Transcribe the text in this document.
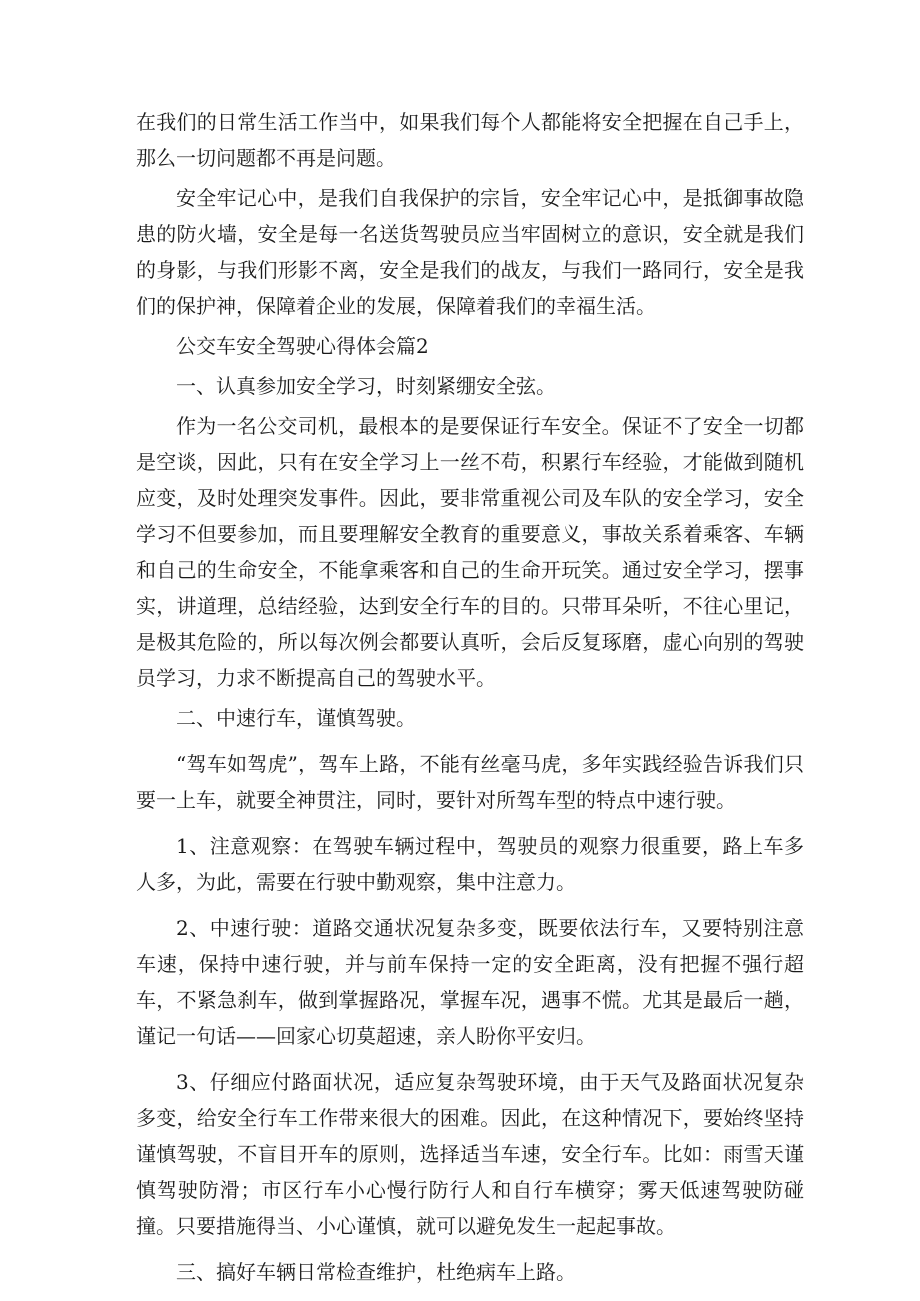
在我们的日常生活工作当中，如果我们每个人都能将安全把握在自己手上，那么一切问题都不再是问题。

安全牢记心中，是我们自我保护的宗旨，安全牢记心中，是抵御事故隐患的防火墙，安全是每一名送货驾驶员应当牢固树立的意识，安全就是我们的身影，与我们形影不离，安全是我们的战友，与我们一路同行，安全是我们的保护神，保障着企业的发展，保障着我们的幸福生活。

公交车安全驾驶心得体会篇2

一、认真参加安全学习，时刻紧绷安全弦。

作为一名公交司机，最根本的是要保证行车安全。保证不了安全一切都是空谈，因此，只有在安全学习上一丝不苟，积累行车经验，才能做到随机应变，及时处理突发事件。因此，要非常重视公司及车队的安全学习，安全学习不但要参加，而且要理解安全教育的重要意义，事故关系着乘客、车辆和自己的生命安全，不能拿乘客和自己的生命开玩笑。通过安全学习，摆事实，讲道理，总结经验，达到安全行车的目的。只带耳朵听，不往心里记，是极其危险的，所以每次例会都要认真听，会后反复琢磨，虚心向别的驾驶员学习，力求不断提高自己的驾驶水平。

二、中速行车，谨慎驾驶。

“驾车如驾虎”，驾车上路，不能有丝毫马虎，多年实践经验告诉我们只要一上车，就要全神贯注，同时，要针对所驾车型的特点中速行驶。

1、注意观察：在驾驶车辆过程中，驾驶员的观察力很重要，路上车多人多，为此，需要在行驶中勤观察，集中注意力。

2、中速行驶：道路交通状况复杂多变，既要依法行车，又要特别注意车速，保持中速行驶，并与前车保持一定的安全距离，没有把握不强行超车，不紧急刹车，做到掌握路况，掌握车况，遇事不慌。尤其是最后一趟，谨记一句话——回家心切莫超速，亲人盼你平安归。

3、仔细应付路面状况，适应复杂驾驶环境，由于天气及路面状况复杂多变，给安全行车工作带来很大的困难。因此，在这种情况下，要始终坚持谨慎驾驶，不盲目开车的原则，选择适当车速，安全行车。比如：雨雪天谨慎驾驶防滑；市区行车小心慢行防行人和自行车横穿；雾天低速驾驶防碰撞。只要措施得当、小心谨慎，就可以避免发生一起起事故。

三、搞好车辆日常检查维护，杜绝病车上路。
